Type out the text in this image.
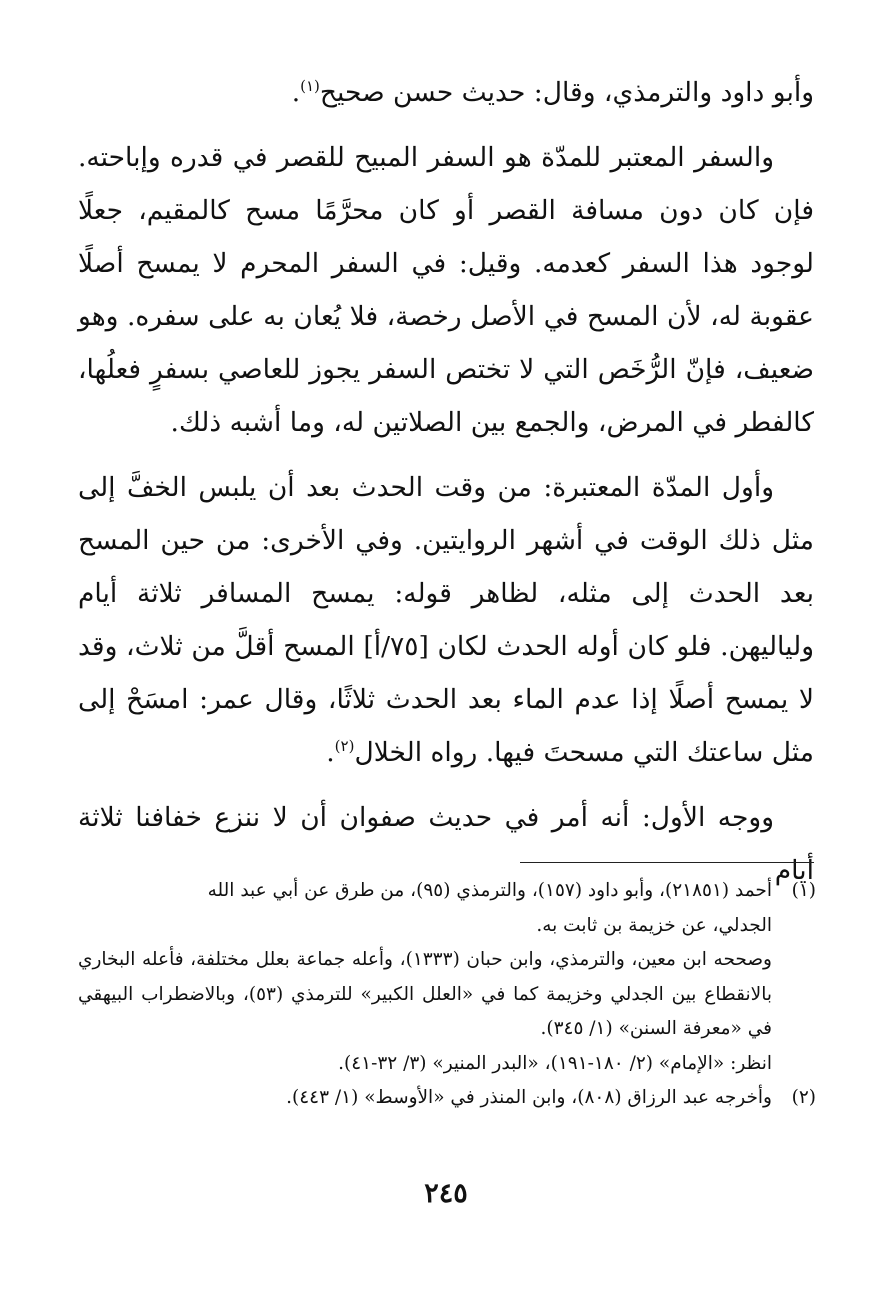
وأبو داود والترمذي، وقال: حديث حسن صحيح$^{(١)}$.

والسفر المعتبر للمدّة هو السفر المبيح للقصر في قدره وإباحته. فإن كان دون مسافة القصر أو كان محرَّمًا مسح كالمقيم، جعلًا لوجود هذا السفر كعدمه. وقيل: في السفر المحرم لا يمسح أصلًا عقوبة له، لأن المسح في الأصل رخصة، فلا يُعان به على سفره. وهو ضعيف، فإنّ الرُّخَص التي لا تختص السفر يجوز للعاصي بسفرٍ فعلُها، كالفطر في المرض، والجمع بين الصلاتين له، وما أشبه ذلك.

وأول المدّة المعتبرة: من وقت الحدث بعد أن يلبس الخفَّ إلى مثل ذلك الوقت في أشهر الروايتين. وفي الأخرى: من حين المسح بعد الحدث إلى مثله، لظاهر قوله: يمسح المسافر ثلاثة أيام ولياليهن. فلو كان أوله الحدث لكان [٧٥/أ] المسح أقلَّ من ثلاث، وقد لا يمسح أصلًا إذا عدم الماء بعد الحدث ثلاثًا، وقال عمر: امسَحْ إلى مثل ساعتك التي مسحتَ فيها. رواه الخلال$^{(٢)}$.

ووجه الأول: أنه أمر في حديث صفوان أن لا ننزع خفافنا ثلاثة أيام

(١)
أحمد (٢١٨٥١)، وأبو داود (١٥٧)، والترمذي (٩٥)، من طرق عن أبي عبد الله
الجدلي، عن خزيمة بن ثابت به.

وصححه ابن معين، والترمذي، وابن حبان (١٣٣٣)، وأعله جماعة بعلل مختلفة، فأعله البخاري بالانقطاع بين الجدلي وخزيمة كما في «العلل الكبير» للترمذي (٥٣)، وبالاضطراب البيهقي في «معرفة السنن» (١/ ٣٤٥).

انظر: «الإمام» (٢/ ١٨٠-١٩١)، «البدر المنير» (٣/ ٣٢-٤١).

(٢)
وأخرجه عبد الرزاق (٨٠٨)، وابن المنذر في «الأوسط» (١/ ٤٤٣).
٢٤٥
